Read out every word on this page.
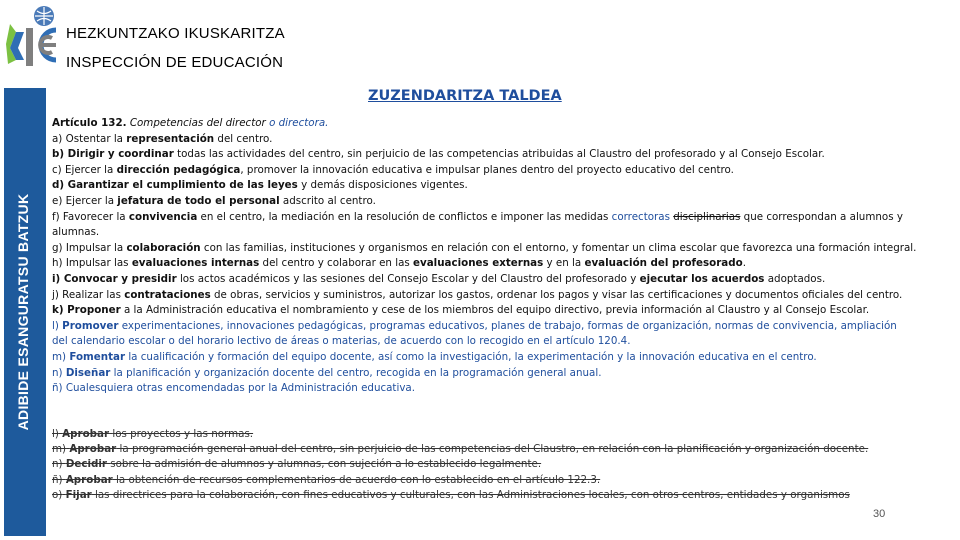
HEZKUNTZAKO IKUSKARITZA
INSPECCIÓN DE EDUCACIÓN
ADIBIDE ESANGURATSU BATZUK
ZUZENDARITZA TALDEA
Artículo 132. Competencias del director o directora.
a) Ostentar la representación del centro.
b) Dirigir y coordinar todas las actividades del centro, sin perjuicio de las competencias atribuidas al Claustro del profesorado y al Consejo Escolar.
c) Ejercer la dirección pedagógica, promover la innovación educativa e impulsar planes dentro del proyecto educativo del centro.
d) Garantizar el cumplimiento de las leyes y demás disposiciones vigentes.
e) Ejercer la jefatura de todo el personal adscrito al centro.
f) Favorecer la convivencia en el centro, la mediación en la resolución de conflictos e imponer las medidas correctoras disciplinarias que correspondan a alumnos y
alumnas.
g) Impulsar la colaboración con las familias, instituciones y organismos en relación con el entorno, y fomentar un clima escolar que favorezca una formación integral.
h) Impulsar las evaluaciones internas del centro y colaborar en las evaluaciones externas y en la evaluación del profesorado.
i) Convocar y presidir los actos académicos y las sesiones del Consejo Escolar y del Claustro del profesorado y ejecutar los acuerdos adoptados.
j) Realizar las contrataciones de obras, servicios y suministros, autorizar los gastos, ordenar los pagos y visar las certificaciones y documentos oficiales del centro.
k) Proponer a la Administración educativa el nombramiento y cese de los miembros del equipo directivo, previa información al Claustro y al Consejo Escolar.
l) Promover experimentaciones, innovaciones pedagógicas, programas educativos, planes de trabajo, formas de organización, normas de convivencia, ampliación
del calendario escolar o del horario lectivo de áreas o materias, de acuerdo con lo recogido en el artículo 120.4.
m) Fomentar la cualificación y formación del equipo docente, así como la investigación, la experimentación y la innovación educativa en el centro.
n) Diseñar la planificación y organización docente del centro, recogida en la programación general anual.
ñ) Cualesquiera otras encomendadas por la Administración educativa.
l) Aprobar los proyectos y las normas.
m) Aprobar la programación general anual del centro, sin perjuicio de las competencias del Claustro, en relación con la planificación y organización docente.
n) Decidir sobre la admisión de alumnos y alumnas, con sujeción a lo establecido legalmente.
ñ) Aprobar la obtención de recursos complementarios de acuerdo con lo establecido en el artículo 122.3.
o) Fijar las directrices para la colaboración, con fines educativos y culturales, con las Administraciones locales, con otros centros, entidades y organismos
30
